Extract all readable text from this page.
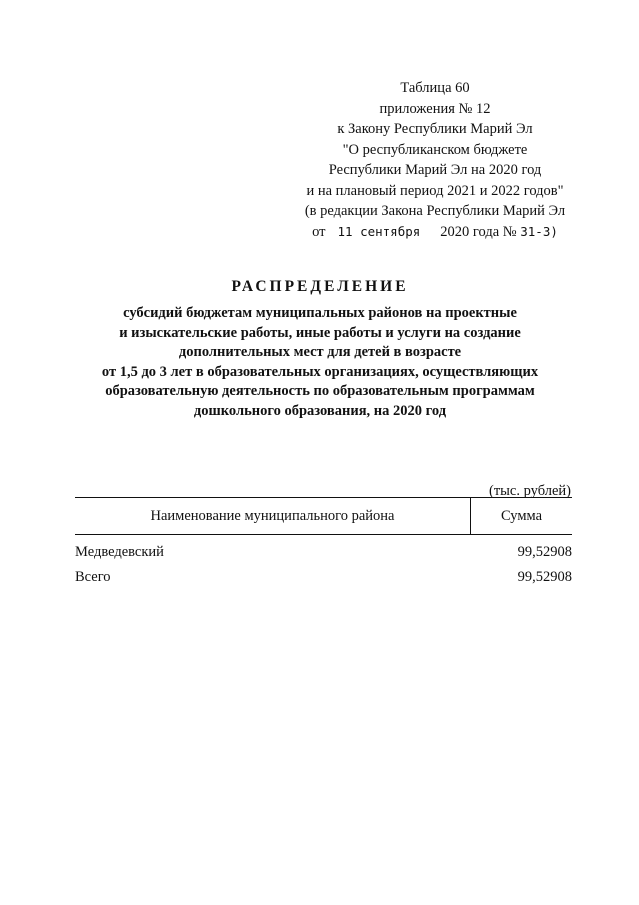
Таблица 60
приложения № 12
к Закону Республики Марий Эл
"О республиканском бюджете
Республики Марий Эл на 2020 год
и на плановый период 2021 и 2022 годов"
(в редакции Закона Республики Марий Эл
от 11 сентября 2020 года № 31-З)
РАСПРЕДЕЛЕНИЕ
субсидий бюджетам муниципальных районов на проектные
и изыскательские работы, иные работы и услуги на создание
дополнительных мест для детей в возрасте
от 1,5 до 3 лет в образовательных организациях, осуществляющих
образовательную деятельность по образовательным программам
дошкольного образования, на 2020 год
(тыс. рублей)
Наименование муниципального района	Сумма
Медведевский	99,52908
Всего	99,52908
